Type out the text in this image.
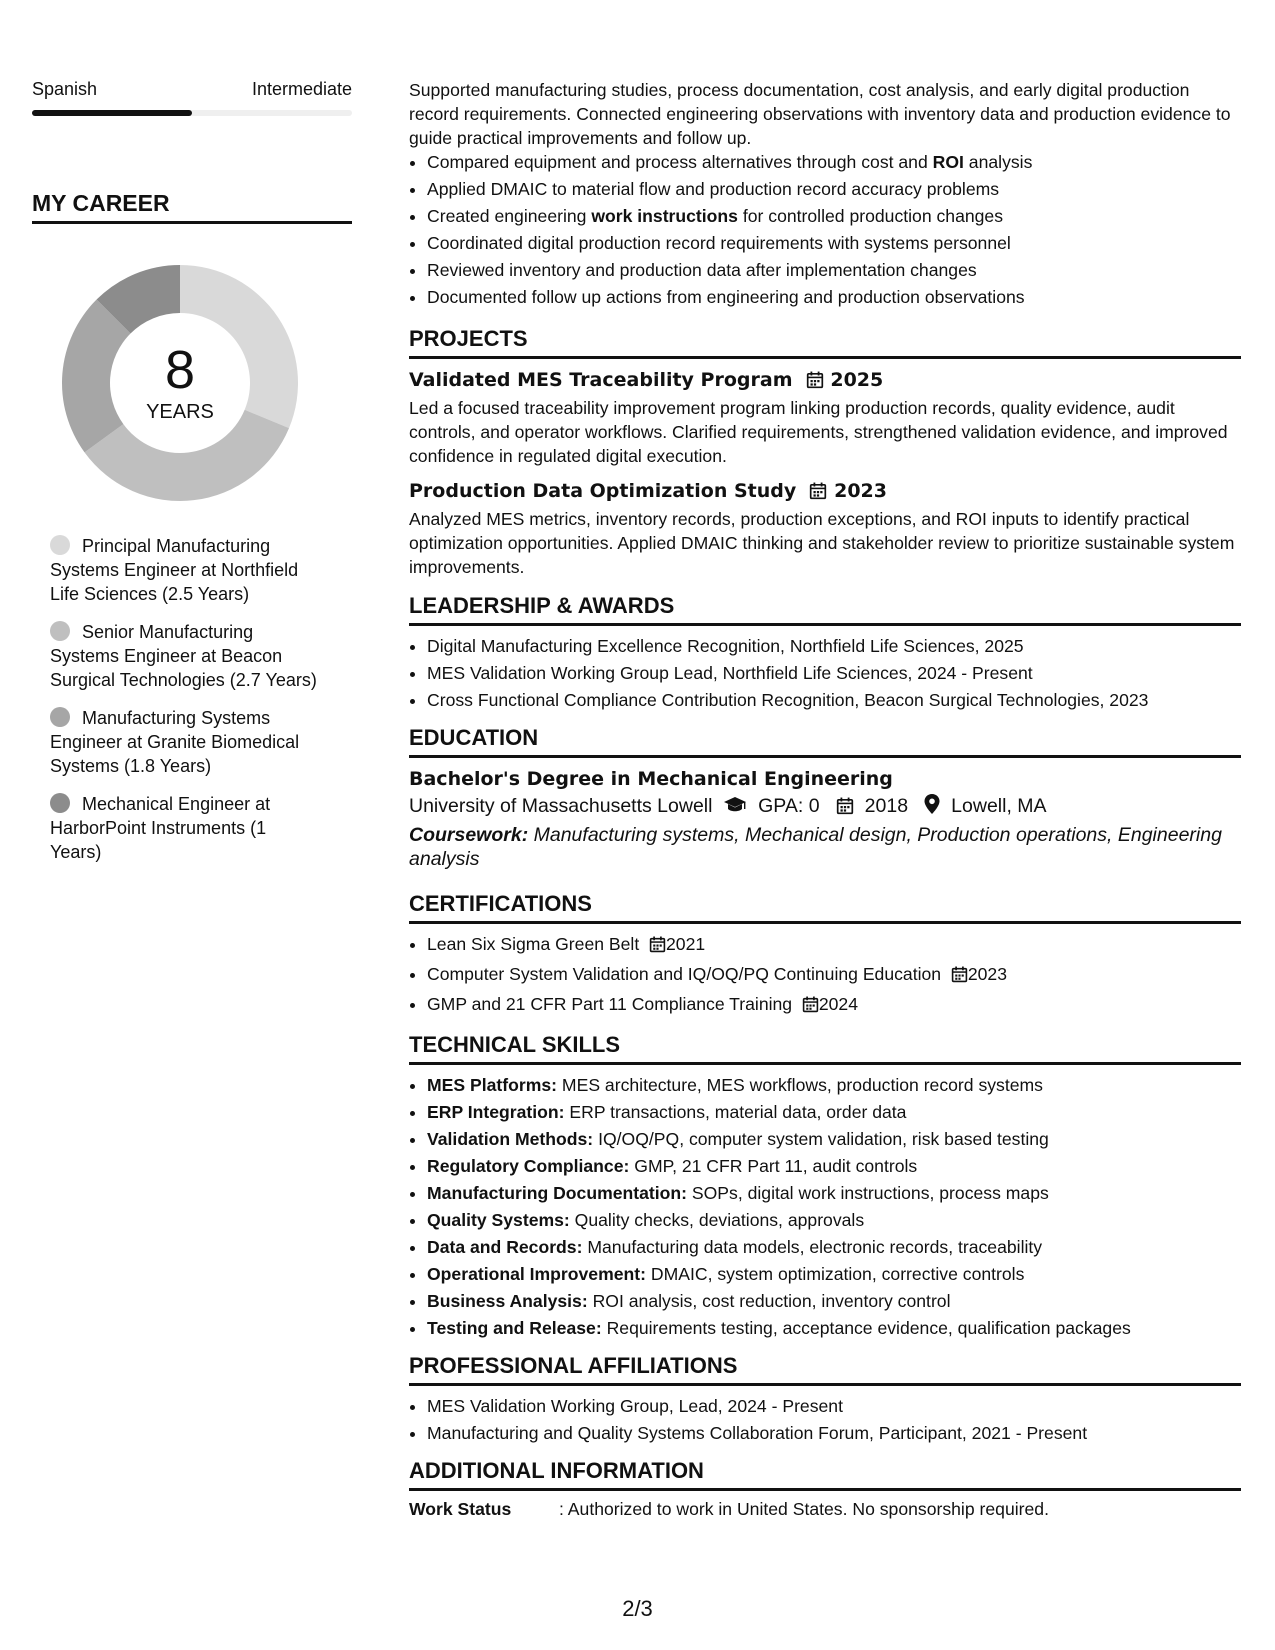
Spanish	Intermediate
MY CAREER
8
YEARS
Principal Manufacturing Systems Engineer at Northfield Life Sciences (2.5 Years)
Senior Manufacturing Systems Engineer at Beacon Surgical Technologies (2.7 Years)
Manufacturing Systems Engineer at Granite Biomedical Systems (1.8 Years)
Mechanical Engineer at HarborPoint Instruments (1 Years)

Supported manufacturing studies, process documentation, cost analysis, and early digital production record requirements. Connected engineering observations with inventory data and production evidence to guide practical improvements and follow up.

• Compared equipment and process alternatives through cost and ROI analysis
• Applied DMAIC to material flow and production record accuracy problems
• Created engineering work instructions for controlled production changes
• Coordinated digital production record requirements with systems personnel
• Reviewed inventory and production data after implementation changes
• Documented follow up actions from engineering and production observations
PROJECTS
Validated MES Traceability Program 2025

Led a focused traceability improvement program linking production records, quality evidence, audit controls, and operator workflows. Clarified requirements, strengthened validation evidence, and improved confidence in regulated digital execution.

Production Data Optimization Study 2023

Analyzed MES metrics, inventory records, production exceptions, and ROI inputs to identify practical optimization opportunities. Applied DMAIC thinking and stakeholder review to prioritize sustainable system improvements.

LEADERSHIP & AWARDS
• Digital Manufacturing Excellence Recognition, Northfield Life Sciences, 2025
• MES Validation Working Group Lead, Northfield Life Sciences, 2024 - Present
• Cross Functional Compliance Contribution Recognition, Beacon Surgical Technologies, 2023
EDUCATION
Bachelor's Degree in Mechanical Engineering
University of Massachusetts Lowell GPA: 0 2018 Lowell, MA
Coursework: Manufacturing systems, Mechanical design, Production operations, Engineering analysis
CERTIFICATIONS
• Lean Six Sigma Green Belt 2021
• Computer System Validation and IQ/OQ/PQ Continuing Education 2023
• GMP and 21 CFR Part 11 Compliance Training 2024
TECHNICAL SKILLS
• MES Platforms: MES architecture, MES workflows, production record systems
• ERP Integration: ERP transactions, material data, order data
• Validation Methods: IQ/OQ/PQ, computer system validation, risk based testing
• Regulatory Compliance: GMP, 21 CFR Part 11, audit controls
• Manufacturing Documentation: SOPs, digital work instructions, process maps
• Quality Systems: Quality checks, deviations, approvals
• Data and Records: Manufacturing data models, electronic records, traceability
• Operational Improvement: DMAIC, system optimization, corrective controls
• Business Analysis: ROI analysis, cost reduction, inventory control
• Testing and Release: Requirements testing, acceptance evidence, qualification packages
PROFESSIONAL AFFILIATIONS
• MES Validation Working Group, Lead, 2024 - Present
• Manufacturing and Quality Systems Collaboration Forum, Participant, 2021 - Present
ADDITIONAL INFORMATION
Work Status	: Authorized to work in United States. No sponsorship required.
2/3
